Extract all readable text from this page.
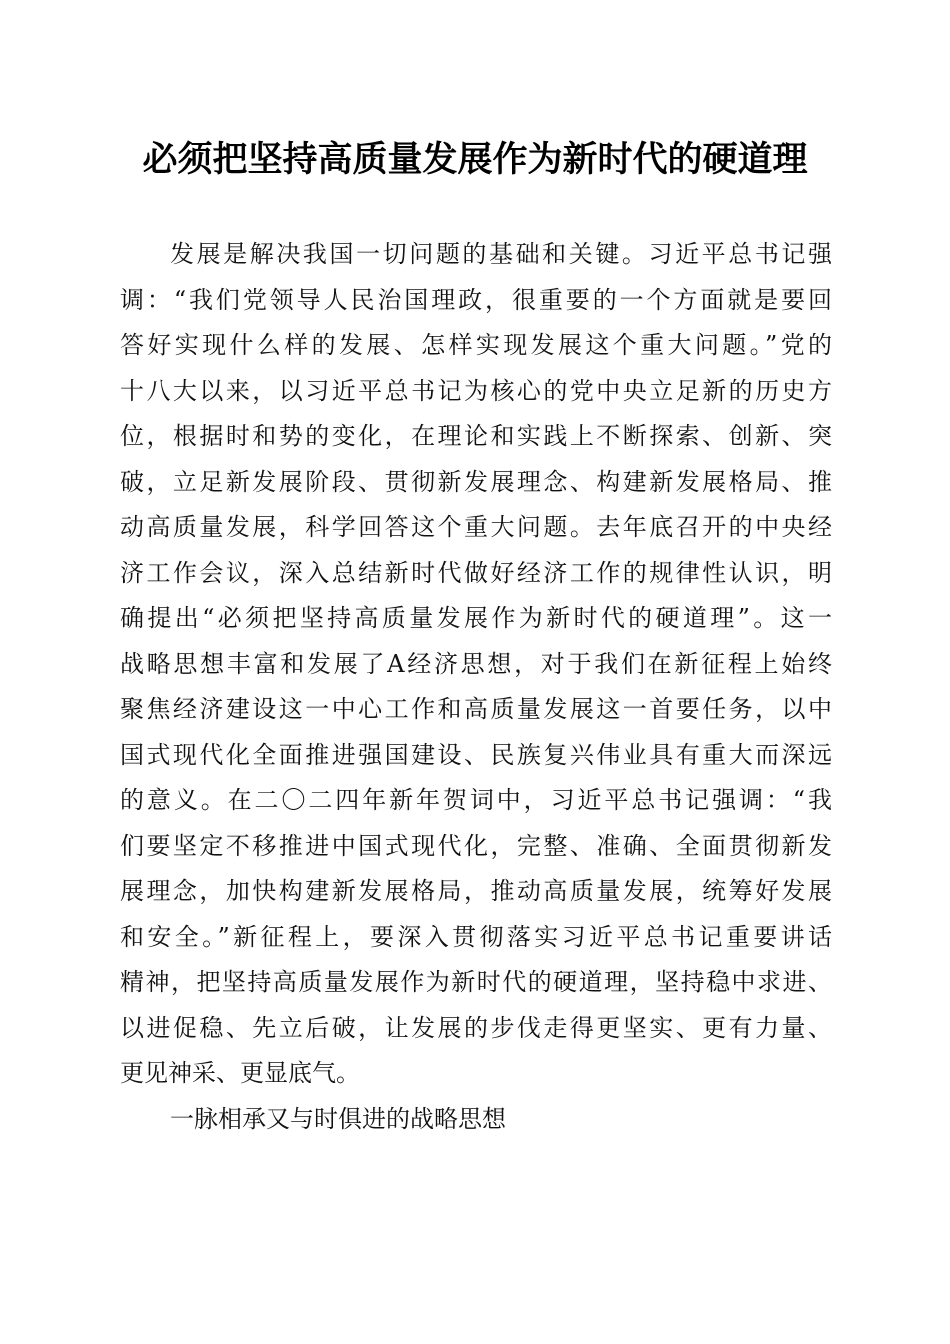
必须把坚持高质量发展作为新时代的硬道理
发展是解决我国一切问题的基础和关键。习近平总书记强
调：“我们党领导人民治国理政，很重要的一个方面就是要回
答好实现什么样的发展、怎样实现发展这个重大问题。”党的
十八大以来，以习近平总书记为核心的党中央立足新的历史方
位，根据时和势的变化，在理论和实践上不断探索、创新、突
破，立足新发展阶段、贯彻新发展理念、构建新发展格局、推
动高质量发展，科学回答这个重大问题。去年底召开的中央经
济工作会议，深入总结新时代做好经济工作的规律性认识，明
确提出“必须把坚持高质量发展作为新时代的硬道理”。这一
战略思想丰富和发展了A经济思想，对于我们在新征程上始终
聚焦经济建设这一中心工作和高质量发展这一首要任务，以中
国式现代化全面推进强国建设、民族复兴伟业具有重大而深远
的意义。在二〇二四年新年贺词中，习近平总书记强调：“我
们要坚定不移推进中国式现代化，完整、准确、全面贯彻新发
展理念，加快构建新发展格局，推动高质量发展，统筹好发展
和安全。”新征程上，要深入贯彻落实习近平总书记重要讲话
精神，把坚持高质量发展作为新时代的硬道理，坚持稳中求进、
以进促稳、先立后破，让发展的步伐走得更坚实、更有力量、
更见神采、更显底气。
一脉相承又与时俱进的战略思想
